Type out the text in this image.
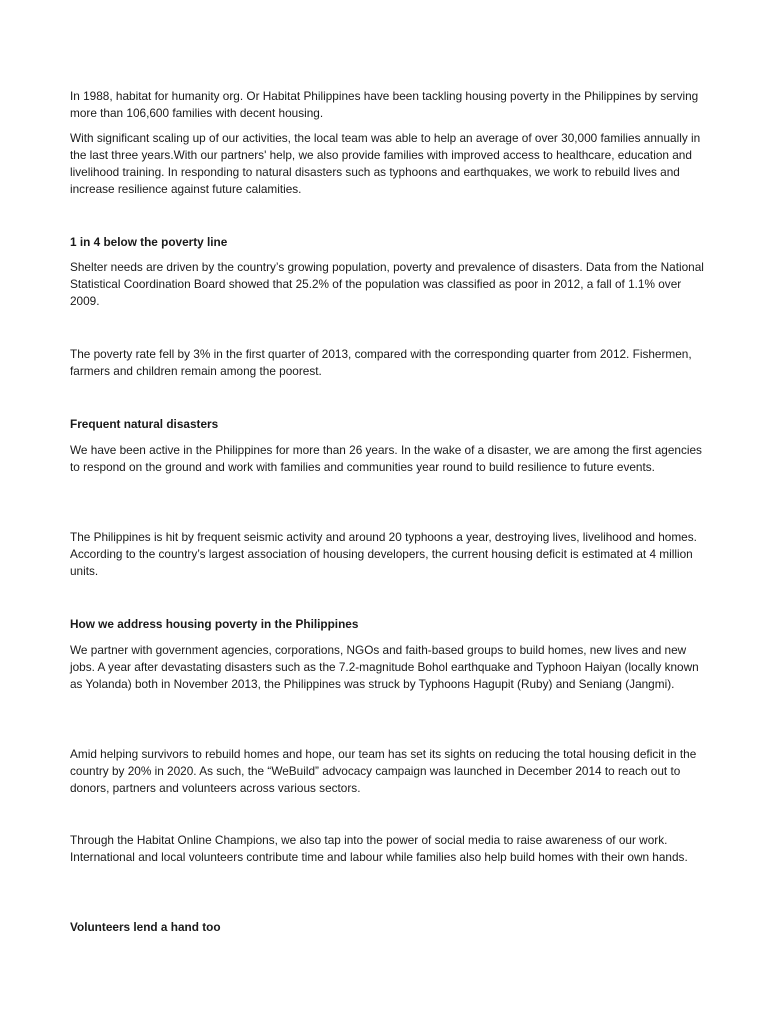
In 1988, habitat for humanity org. Or Habitat Philippines have been tackling housing poverty in the Philippines by serving more than 106,600 families with decent housing.

With significant scaling up of our activities, the local team was able to help an average of over 30,000 families annually in the last three years.With our partners' help, we also provide families with improved access to healthcare, education and livelihood training. In responding to natural disasters such as typhoons and earthquakes, we work to rebuild lives and increase resilience against future calamities.

1 in 4 below the poverty line

Shelter needs are driven by the country’s growing population, poverty and prevalence of disasters. Data from the National Statistical Coordination Board showed that 25.2% of the population was classified as poor in 2012, a fall of 1.1% over 2009.

The poverty rate fell by 3% in the first quarter of 2013, compared with the corresponding quarter from 2012. Fishermen, farmers and children remain among the poorest.

Frequent natural disasters

We have been active in the Philippines for more than 26 years. In the wake of a disaster, we are among the first agencies to respond on the ground and work with families and communities year round to build resilience to future events.

The Philippines is hit by frequent seismic activity and around 20 typhoons a year, destroying lives, livelihood and homes. According to the country’s largest association of housing developers, the current housing deficit is estimated at 4 million units.

How we address housing poverty in the Philippines

We partner with government agencies, corporations, NGOs and faith-based groups to build homes, new lives and new jobs. A year after devastating disasters such as the 7.2-magnitude Bohol earthquake and Typhoon Haiyan (locally known as Yolanda) both in November 2013, the Philippines was struck by Typhoons Hagupit (Ruby) and Seniang (Jangmi).

Amid helping survivors to rebuild homes and hope, our team has set its sights on reducing the total housing deficit in the country by 20% in 2020. As such, the “WeBuild” advocacy campaign was launched in December 2014 to reach out to donors, partners and volunteers across various sectors.

Through the Habitat Online Champions, we also tap into the power of social media to raise awareness of our work. International and local volunteers contribute time and labour while families also help build homes with their own hands.

Volunteers lend a hand too
